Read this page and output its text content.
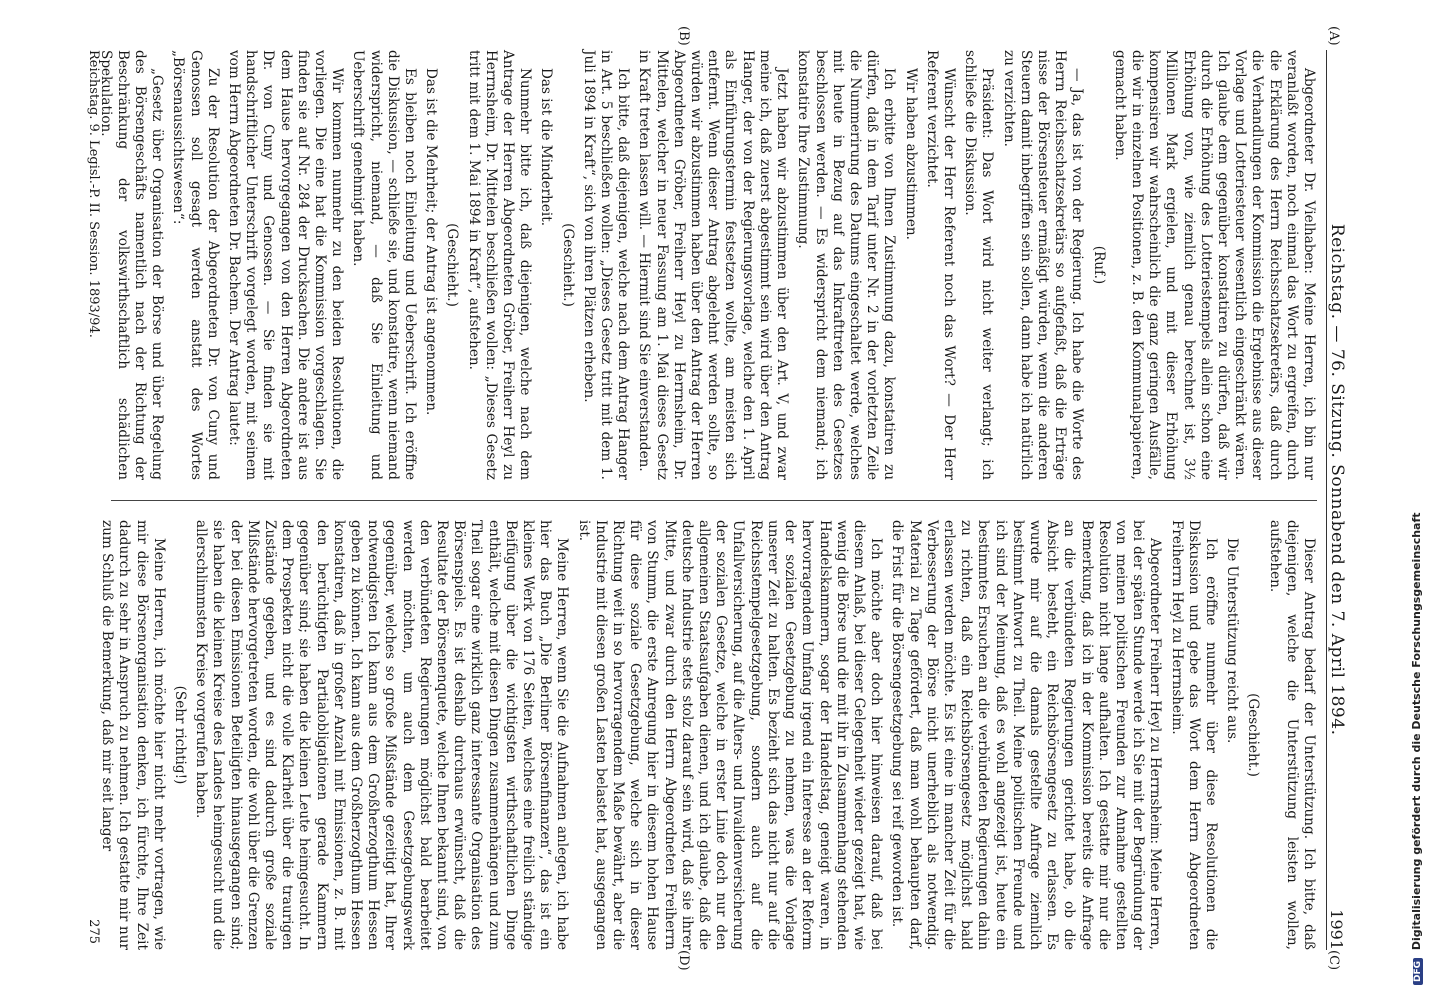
Reichstag. — 76. Sitzung. Sonnabend den 7. April 1894.
1991
(A)
(B)
(C)
(D)

Abgeordneter Dr. Vielhaben: Meine Herren, ich bin nur veranlaßt worden, noch einmal das Wort zu ergreifen, durch die Erklärung des Herrn Reichsschatzsekretärs, daß durch die Verhandlungen der Kommission die Ergebnisse aus dieser Vorlage und Lotteriesteuer wesentlich eingeschränkt wären. Ich glaube dem gegenüber konstatiren zu dürfen, daß wir durch die Erhöhung des Lotteriestempels allein schon eine Erhöhung von, wie ziemlich genau berechnet ist, 3½ Millionen Mark ergielen, und mit dieser Erhöhung kompensiren wir wahrscheinlich die ganz geringen Ausfälle, die wir in einzelnen Positionen, z. B. den Kommunalpapieren, gemacht haben.

(Ruf.)

— Ja, das ist von der Regierung. Ich habe die Worte des Herrn Reichsschatzsekretärs so aufgefaßt, daß die Erträge nisse der Börsensteuer ermäßigt würden, wenn die anderen Steuern damit inbegriffen sein sollen, dann habe ich natürlich zu verzichten.

Präsident: Das Wort wird nicht weiter verlangt; ich schließe die Diskussion.

Wünscht der Herr Referent noch das Wort? — Der Herr Referent verzichtet.

Wir haben abzustimmen.

Ich erbitte von Ihnen Zustimmung dazu, konstatiren zu dürfen, daß in dem Tarif unter Nr. 2 in der vorletzten Zeile die Nummerirung des Datums eingeschaltet werde, welches mit heute in Bezug auf das Inkrafttreten des Gesetzes beschlossen werden. — Es widerspricht dem niemand; ich konstatire Ihre Zustimmung.

Jetzt haben wir abzustimmen über den Art. V, und zwar meine ich, daß zuerst abgestimmt sein wird über den Antrag Hanger, der von der Regierungsvorlage, welche den 1. April als Einführungstermin festsetzen wollte, am meisten sich entfernt. Wenn dieser Antrag abgelehnt werden sollte, so würden wir abzustimmen haben über den Antrag der Herren Abgeordneten Gröber, Freiherr Heyl zu Herrnsheim, Dr. Mittelen, welcher in neuer Fassung am 1. Mai dieses Gesetz in Kraft treten lassen will. — Hiermit sind Sie einverstanden.

Ich bitte, daß diejenigen, welche nach dem Antrag Hanger in Art. 5 beschließen wollen: „Dieses Gesetz tritt mit dem 1. Juli 1894 in Kraft“, sich von ihren Plätzen erheben.

(Geschieht.)

Das ist die Minderheit.

Nunmehr bitte ich, daß diejenigen, welche nach dem Antrage der Herren Abgeordneten Gröber, Freiherr Heyl zu Herrnsheim, Dr. Mittelen beschließen wollen: „Dieses Gesetz tritt mit dem 1. Mai 1894 in Kraft“, aufstehen.

(Geschieht.)

Das ist die Mehrheit; der Antrag ist angenommen.

Es bleiben noch Einleitung und Ueberschrift. Ich eröffne die Diskussion, — schließe sie, und konstatire, wenn niemand widerspricht, niemand, — daß Sie Einleitung und Ueberschrift genehmigt haben.

Wir kommen nunmehr zu den beiden Resolutionen, die vorliegen. Die eine hat die Kommission vorgeschlagen. Sie finden sie auf Nr. 284 der Drucksachen. Die andere ist aus dem Hause hervorgegangen von den Herren Abgeordneten Dr. von Cuny und Genossen. — Sie finden sie mit handschriftlicher Unterschrift vorgelegt worden, mit seinem vom Herrn Abgeordneten Dr. Bachem. Der Antrag lautet:

Zu der Resolution der Abgeordneten Dr. von Cuny und Genossen soll gesagt werden anstatt des Wortes „Börsenaussichtswesen“:

„Gesetz über Organisation der Börse und über Regelung des Börsengeschäfts namentlich nach der Richtung der Beschränkung der volkswirthschaftlich schädlichen Spekulation.

Dieser Antrag bedarf der Unterstützung. Ich bitte, daß diejenigen, welche die Unterstützung leisten wollen, aufstehen.

(Geschieht.)

Die Unterstützung reicht aus.

Ich eröffne nunmehr über diese Resolutionen die Diskussion und gebe das Wort dem Herrn Abgeordneten Freiherrn Heyl zu Herrnsheim.

Abgeordneter Freiherr Heyl zu Herrnsheim: Meine Herren, bei der späten Stunde werde ich Sie mit der Begründung der von meinen politischen Freunden zur Annahme gestellten Resolution nicht lange aufhalten. Ich gestatte mir nur die Bemerkung, daß ich in der Kommission bereits die Anfrage an die verbündeten Regierungen gerichtet habe, ob die Absicht besteht, ein Reichsbörsengesetz zu erlassen. Es wurde mir auf die damals gestellte Anfrage ziemlich bestimmt Antwort zu Theil. Meine politischen Freunde und ich sind der Meinung, daß es wohl angezeigt ist, heute ein bestimmtes Ersuchen an die verbündeten Regierungen dahin zu richten, daß ein Reichsbörsengesetz möglichst bald erlassen werden möchte. Es ist eine in mancher Zeit für die Verbesserung der Börse nicht unerheblich als notwendig. Material zu Tage gefördert, daß man wohl behaupten darf, die Frist für die Börsengesetzgebung sei reif geworden ist.

Ich möchte aber doch hier hinweisen darauf, daß bei diesem Anlaß, bei dieser Gelegenheit wieder gezeigt hat, wie wenig die Börse und die mit ihr in Zusammenhang stehenden Handelskammern, sogar der Handelstag, geneigt waren, in hervorragendem Umfang irgend ein Interesse an der Reform der sozialen Gesetzgebung zu nehmen, was die Vorlage unserer Zeit zu halten. Es bezieht sich das nicht nur auf die Reichsstempelgesetzgebung, sondern auch auf die Unfallversicherung, auf die Alters- und Invalidenversicherung der sozialen Gesetze, welche in erster Linie doch nur den allgemeinen Staatsaufgaben dienen, und ich glaube, daß die deutsche Industrie stets stolz darauf sein wird, daß sie ihrer Mitte, und zwar durch den Herrn Abgeordneten Freiherrn von Stumm, die erste Anregung hier in diesem hohen Hause für diese soziale Gesetzgebung, welche sich in dieser Richtung weit in so hervorragendem Maße bewährt, aber die Industrie mit diesen großen Lasten belastet hat, ausgegangen ist.

Meine Herren, wenn Sie die Aufnahmen anlegen, ich habe hier das Buch „Die Berliner Börsenfinanzen“, das ist ein kleines Werk von 176 Seiten, welches eine freilich ständige Beifügung über die wichtigsten wirthschaftlichen Dinge enthält, welche mit diesen Dingen zusammenhängen und zum Theil sogar eine wirklich ganz interessante Organisation des Börsenspiels. Es ist deshalb durchaus erwünscht, daß die Resultate der Börsenenquete, welche Ihnen bekannt sind, von den verbündeten Regierungen möglichst bald bearbeitet werden möchten, um auch dem Gesetzgebungswerk gegenüber, welches so große Mißstände gezeitigt hat, Ihrer notwendigsten Ich kann aus dem Großherzogthum Hessen geben zu können. Ich kann aus dem Großherzogthum Hessen konstatiren, daß in großer Anzahl mit Emissionen, z. B. mit den berüchtigten Partialobligationen gerade Kammern gegenüber sind; sie haben die kleinen Leute heimgesucht. In dem Prospekten nicht die volle Klarheit über die traurigen Zustände gegeben, und es sind dadurch große soziale Mißstände hervorgetreten worden, die wohl über die Grenzen der bei diesen Emissionen Beteiligten hinausgegangen sind; sie haben die kleinen Kreise des Landes heimgesucht und die allerschlimmsten Kreise vorgerufen haben.

(Sehr richtig!)

Meine Herren, ich möchte hier nicht mehr vortragen, wie mir diese Börsenorganisation denken, ich fürchte, Ihre Zeit dadurch zu sehr in Anspruch zu nehmen. Ich gestatte mir nur zum Schluß die Bemerkung, daß mir seit langer

Reichstag. 9. Legisl.-P. II. Session. 1893/94.
275
DFG Digitalisierung gefördert durch die Deutsche Forschungsgemeinschaft
